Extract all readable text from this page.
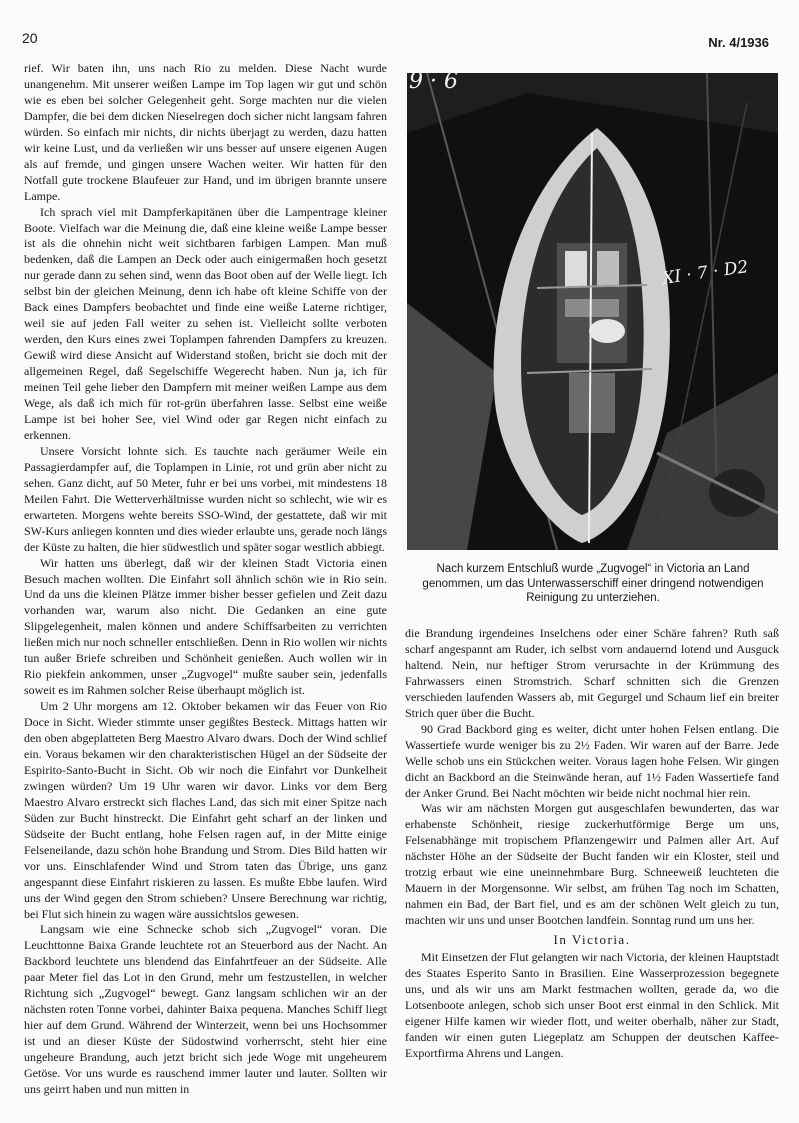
20	Nr. 4/1936

rief. Wir baten ihn, uns nach Rio zu melden. Diese Nacht wurde unangenehm. Mit unserer weißen Lampe im Top lagen wir gut und schön wie es eben bei solcher Gelegenheit geht. Sorge machten nur die vielen Dampfer, die bei dem dicken Nieselregen doch sicher nicht langsam fahren würden. So einfach mir nichts, dir nichts überjagt zu werden, dazu hatten wir keine Lust, und da verließen wir uns besser auf unsere eigenen Augen als auf fremde, und gingen unsere Wachen weiter. Wir hatten für den Notfall gute trockene Blaufeuer zur Hand, und im übrigen brannte unsere Lampe.

Ich sprach viel mit Dampferkapitänen über die Lampentrage kleiner Boote. Vielfach war die Meinung die, daß eine kleine weiße Lampe besser ist als die ohnehin nicht weit sichtbaren farbigen Lampen. Man muß bedenken, daß die Lampen an Deck oder auch einigermaßen hoch gesetzt nur gerade dann zu sehen sind, wenn das Boot oben auf der Welle liegt. Ich selbst bin der gleichen Meinung, denn ich habe oft kleine Schiffe von der Back eines Dampfers beobachtet und finde eine weiße Laterne richtiger, weil sie auf jeden Fall weiter zu sehen ist. Vielleicht sollte verboten werden, den Kurs eines zwei Toplampen fahrenden Dampfers zu kreuzen. Gewiß wird diese Ansicht auf Widerstand stoßen, bricht sie doch mit der allgemeinen Regel, daß Segelschiffe Wegerecht haben. Nun ja, ich für meinen Teil gehe lieber den Dampfern mit meiner weißen Lampe aus dem Wege, als daß ich mich für rot-grün überfahren lasse. Selbst eine weiße Lampe ist bei hoher See, viel Wind oder gar Regen nicht einfach zu erkennen.

Unsere Vorsicht lohnte sich. Es tauchte nach geräumer Weile ein Passagierdampfer auf, die Toplampen in Linie, rot und grün aber nicht zu sehen. Ganz dicht, auf 50 Meter, fuhr er bei uns vorbei, mit mindestens 18 Meilen Fahrt. Die Wetterverhältnisse wurden nicht so schlecht, wie wir es erwarteten. Morgens wehte bereits SSO-Wind, der gestattete, daß wir mit SW-Kurs anliegen konnten und dies wieder erlaubte uns, gerade noch längs der Küste zu halten, die hier südwestlich und später sogar westlich abbiegt.

Wir hatten uns überlegt, daß wir der kleinen Stadt Victoria einen Besuch machen wollten. Die Einfahrt soll ähnlich schön wie in Rio sein. Und da uns die kleinen Plätze immer bisher besser gefielen und Zeit dazu vorhanden war, warum also nicht. Die Gedanken an eine gute Slipgelegenheit, malen können und andere Schiffsarbeiten zu verrichten ließen mich nur noch schneller entschließen. Denn in Rio wollen wir nichts tun außer Briefe schreiben und Schönheit genießen. Auch wollen wir in Rio piekfein ankommen, unser „Zugvogel“ mußte sauber sein, jedenfalls soweit es im Rahmen solcher Reise überhaupt möglich ist.

Um 2 Uhr morgens am 12. Oktober bekamen wir das Feuer von Rio Doce in Sicht. Wieder stimmte unser gegißtes Besteck. Mittags hatten wir den oben abgeplatteten Berg Maestro Alvaro dwars. Doch der Wind schlief ein. Voraus bekamen wir den charakteristischen Hügel an der Südseite der Espirito-Santo-Bucht in Sicht. Ob wir noch die Einfahrt vor Dunkelheit zwingen würden? Um 19 Uhr waren wir davor. Links vor dem Berg Maestro Alvaro erstreckt sich flaches Land, das sich mit einer Spitze nach Süden zur Bucht hinstreckt. Die Einfahrt geht scharf an der linken und Südseite der Bucht entlang, hohe Felsen ragen auf, in der Mitte einige Felseneilande, dazu schön hohe Brandung und Strom. Dies Bild hatten wir vor uns. Einschlafender Wind und Strom taten das Übrige, uns ganz angespannt diese Einfahrt riskieren zu lassen. Es mußte Ebbe laufen. Wird uns der Wind gegen den Strom schieben? Unsere Berechnung war richtig, bei Flut sich hinein zu wagen wäre aussichtslos gewesen.

Langsam wie eine Schnecke schob sich „Zugvogel“ voran. Die Leuchttonne Baixa Grande leuchtete rot an Steuerbord aus der Nacht. An Backbord leuchtete uns blendend das Einfahrtfeuer an der Südseite. Alle paar Meter fiel das Lot in den Grund, mehr um festzustellen, in welcher Richtung sich „Zugvogel“ bewegt. Ganz langsam schlichen wir an der nächsten roten Tonne vorbei, dahinter Baixa pequena. Manches Schiff liegt hier auf dem Grund. Während der Winterzeit, wenn bei uns Hochsommer ist und an dieser Küste der Südostwind vorherrscht, steht hier eine ungeheure Brandung, auch jetzt bricht sich jede Woge mit ungeheurem Getöse. Vor uns wurde es rauschend immer lauter und lauter. Sollten wir uns geirrt haben und nun mitten in

9 · 6
XI · 7 · D2
Nach kurzem Entschluß wurde „Zugvogel“ in Victoria an Land genommen, um das Unterwasserschiff einer dringend notwendigen Reinigung zu unterziehen.

die Brandung irgendeines Inselchens oder einer Schäre fahren? Ruth saß scharf angespannt am Ruder, ich selbst vorn andauernd lotend und Ausguck haltend. Nein, nur heftiger Strom verursachte in der Krümmung des Fahrwassers einen Stromstrich. Scharf schnitten sich die Grenzen verschieden laufenden Wassers ab, mit Gegurgel und Schaum lief ein breiter Strich quer über die Bucht.

90 Grad Backbord ging es weiter, dicht unter hohen Felsen entlang. Die Wassertiefe wurde weniger bis zu 2½ Faden. Wir waren auf der Barre. Jede Welle schob uns ein Stückchen weiter. Voraus lagen hohe Felsen. Wir gingen dicht an Backbord an die Steinwände heran, auf 1½ Faden Wassertiefe fand der Anker Grund. Bei Nacht möchten wir beide nicht nochmal hier rein.

Was wir am nächsten Morgen gut ausgeschlafen bewunderten, das war erhabenste Schönheit, riesige zuckerhutförmige Berge um uns, Felsenabhänge mit tropischem Pflanzengewirr und Palmen aller Art. Auf nächster Höhe an der Südseite der Bucht fanden wir ein Kloster, steil und trotzig erbaut wie eine uneinnehmbare Burg. Schneeweiß leuchteten die Mauern in der Morgensonne. Wir selbst, am frühen Tag noch im Schatten, nahmen ein Bad, der Bart fiel, und es am der schönen Welt gleich zu tun, machten wir uns und unser Bootchen landfein. Sonntag rund um uns her.

In Victoria.

Mit Einsetzen der Flut gelangten wir nach Victoria, der kleinen Hauptstadt des Staates Esperito Santo in Brasilien. Eine Wasserprozession begegnete uns, und als wir uns am Markt festmachen wollten, gerade da, wo die Lotsenboote anlegen, schob sich unser Boot erst einmal in den Schlick. Mit eigener Hilfe kamen wir wieder flott, und weiter oberhalb, näher zur Stadt, fanden wir einen guten Liegeplatz am Schuppen der deutschen Kaffee-Exportfirma Ahrens und Langen.
